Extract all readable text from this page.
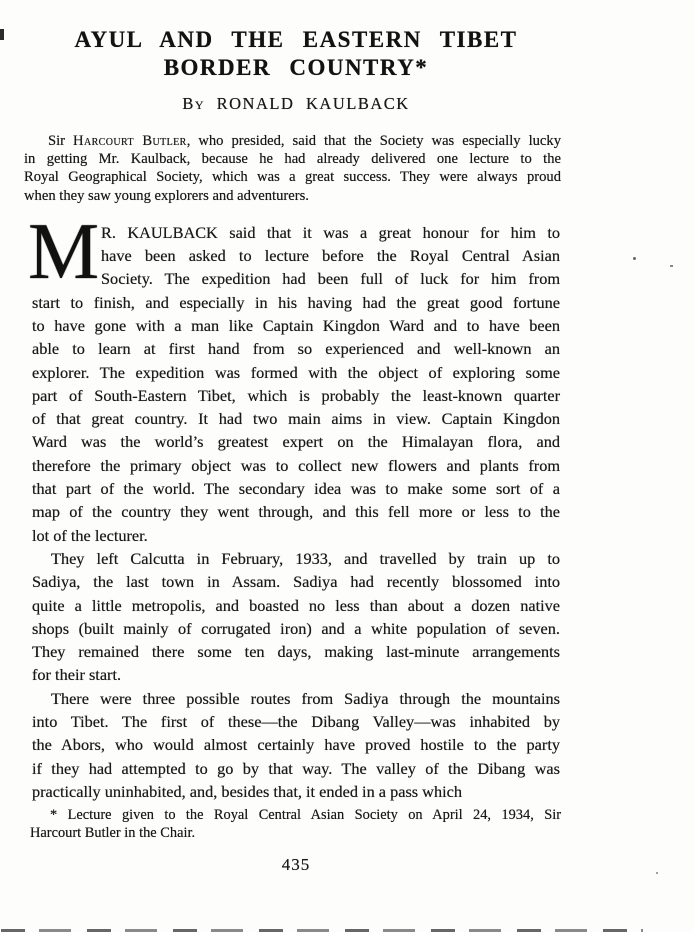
AYUL AND THE EASTERN TIBET
BORDER COUNTRY*
By RONALD KAULBACK
Sir Harcourt Butler, who presided, said that the Society was especially lucky
in getting Mr. Kaulback, because he had already delivered one lecture to the
Royal Geographical Society, which was a great success. They were always proud
when they saw young explorers and adventurers.
M R. KAULBACK said that it was a great honour for him to
have been asked to lecture before the Royal Central Asian
Society. The expedition had been full of luck for him from
start to finish, and especially in his having had the great good fortune
to have gone with a man like Captain Kingdon Ward and to have been
able to learn at first hand from so experienced and well-known an
explorer. The expedition was formed with the object of exploring some
part of South-Eastern Tibet, which is probably the least-known quarter
of that great country. It had two main aims in view. Captain Kingdon
Ward was the world’s greatest expert on the Himalayan flora, and
therefore the primary object was to collect new flowers and plants from
that part of the world. The secondary idea was to make some sort of a
map of the country they went through, and this fell more or less to the
lot of the lecturer.
They left Calcutta in February, 1933, and travelled by train up to
Sadiya, the last town in Assam. Sadiya had recently blossomed into
quite a little metropolis, and boasted no less than about a dozen native
shops (built mainly of corrugated iron) and a white population of seven.
They remained there some ten days, making last-minute arrangements
for their start.
There were three possible routes from Sadiya through the mountains
into Tibet. The first of these—the Dibang Valley—was inhabited by
the Abors, who would almost certainly have proved hostile to the party
if they had attempted to go by that way. The valley of the Dibang was
practically uninhabited, and, besides that, it ended in a pass which
* Lecture given to the Royal Central Asian Society on April 24, 1934, Sir
Harcourt Butler in the Chair.
435
